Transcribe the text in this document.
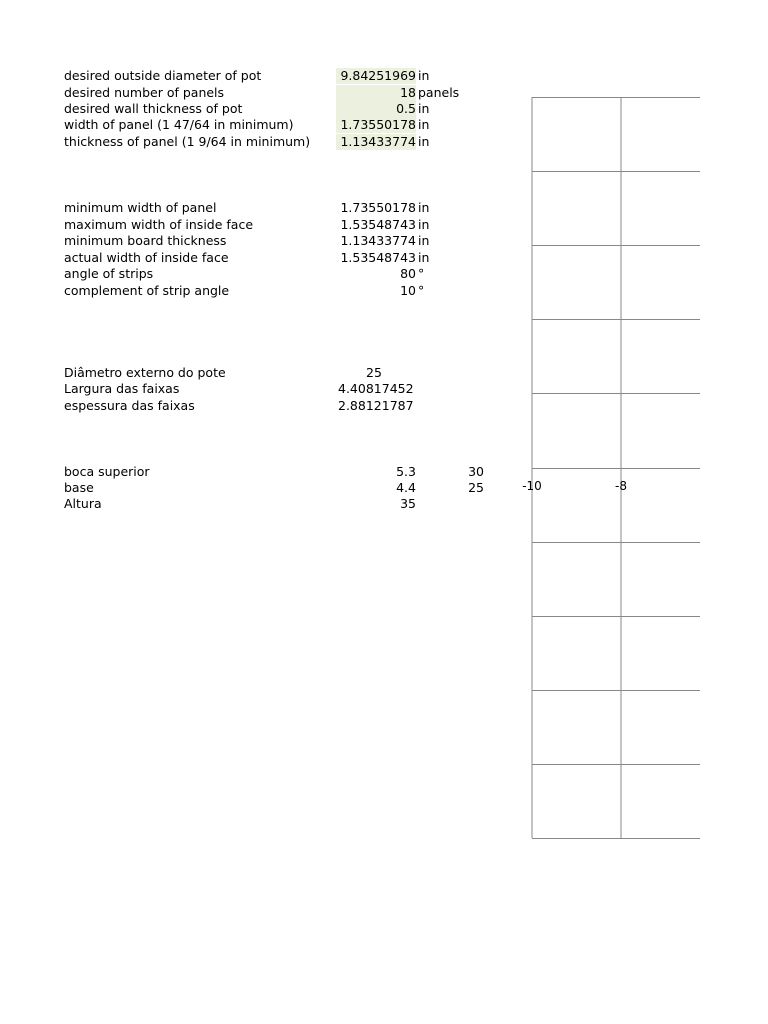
desired outside diameter of pot	9.84251969 in
desired number of panels	18 panels
desired wall thickness of pot	0.5 in
width of panel (1 47/64 in minimum)	1.73550178 in
thickness of panel (1 9/64 in minimum)	1.13433774 in
minimum width of panel	1.73550178 in
maximum width of inside face	1.53548743 in
minimum board thickness	1.13433774 in
actual width of inside face	1.53548743 in
angle of strips	80 °
complement of strip angle	10 °
Diâmetro externo do pote	25
Largura das faixas	4.40817452
espessura das faixas	2.88121787
boca superior	5.3	30
base	4.4	25
Altura	35
-10	-8
